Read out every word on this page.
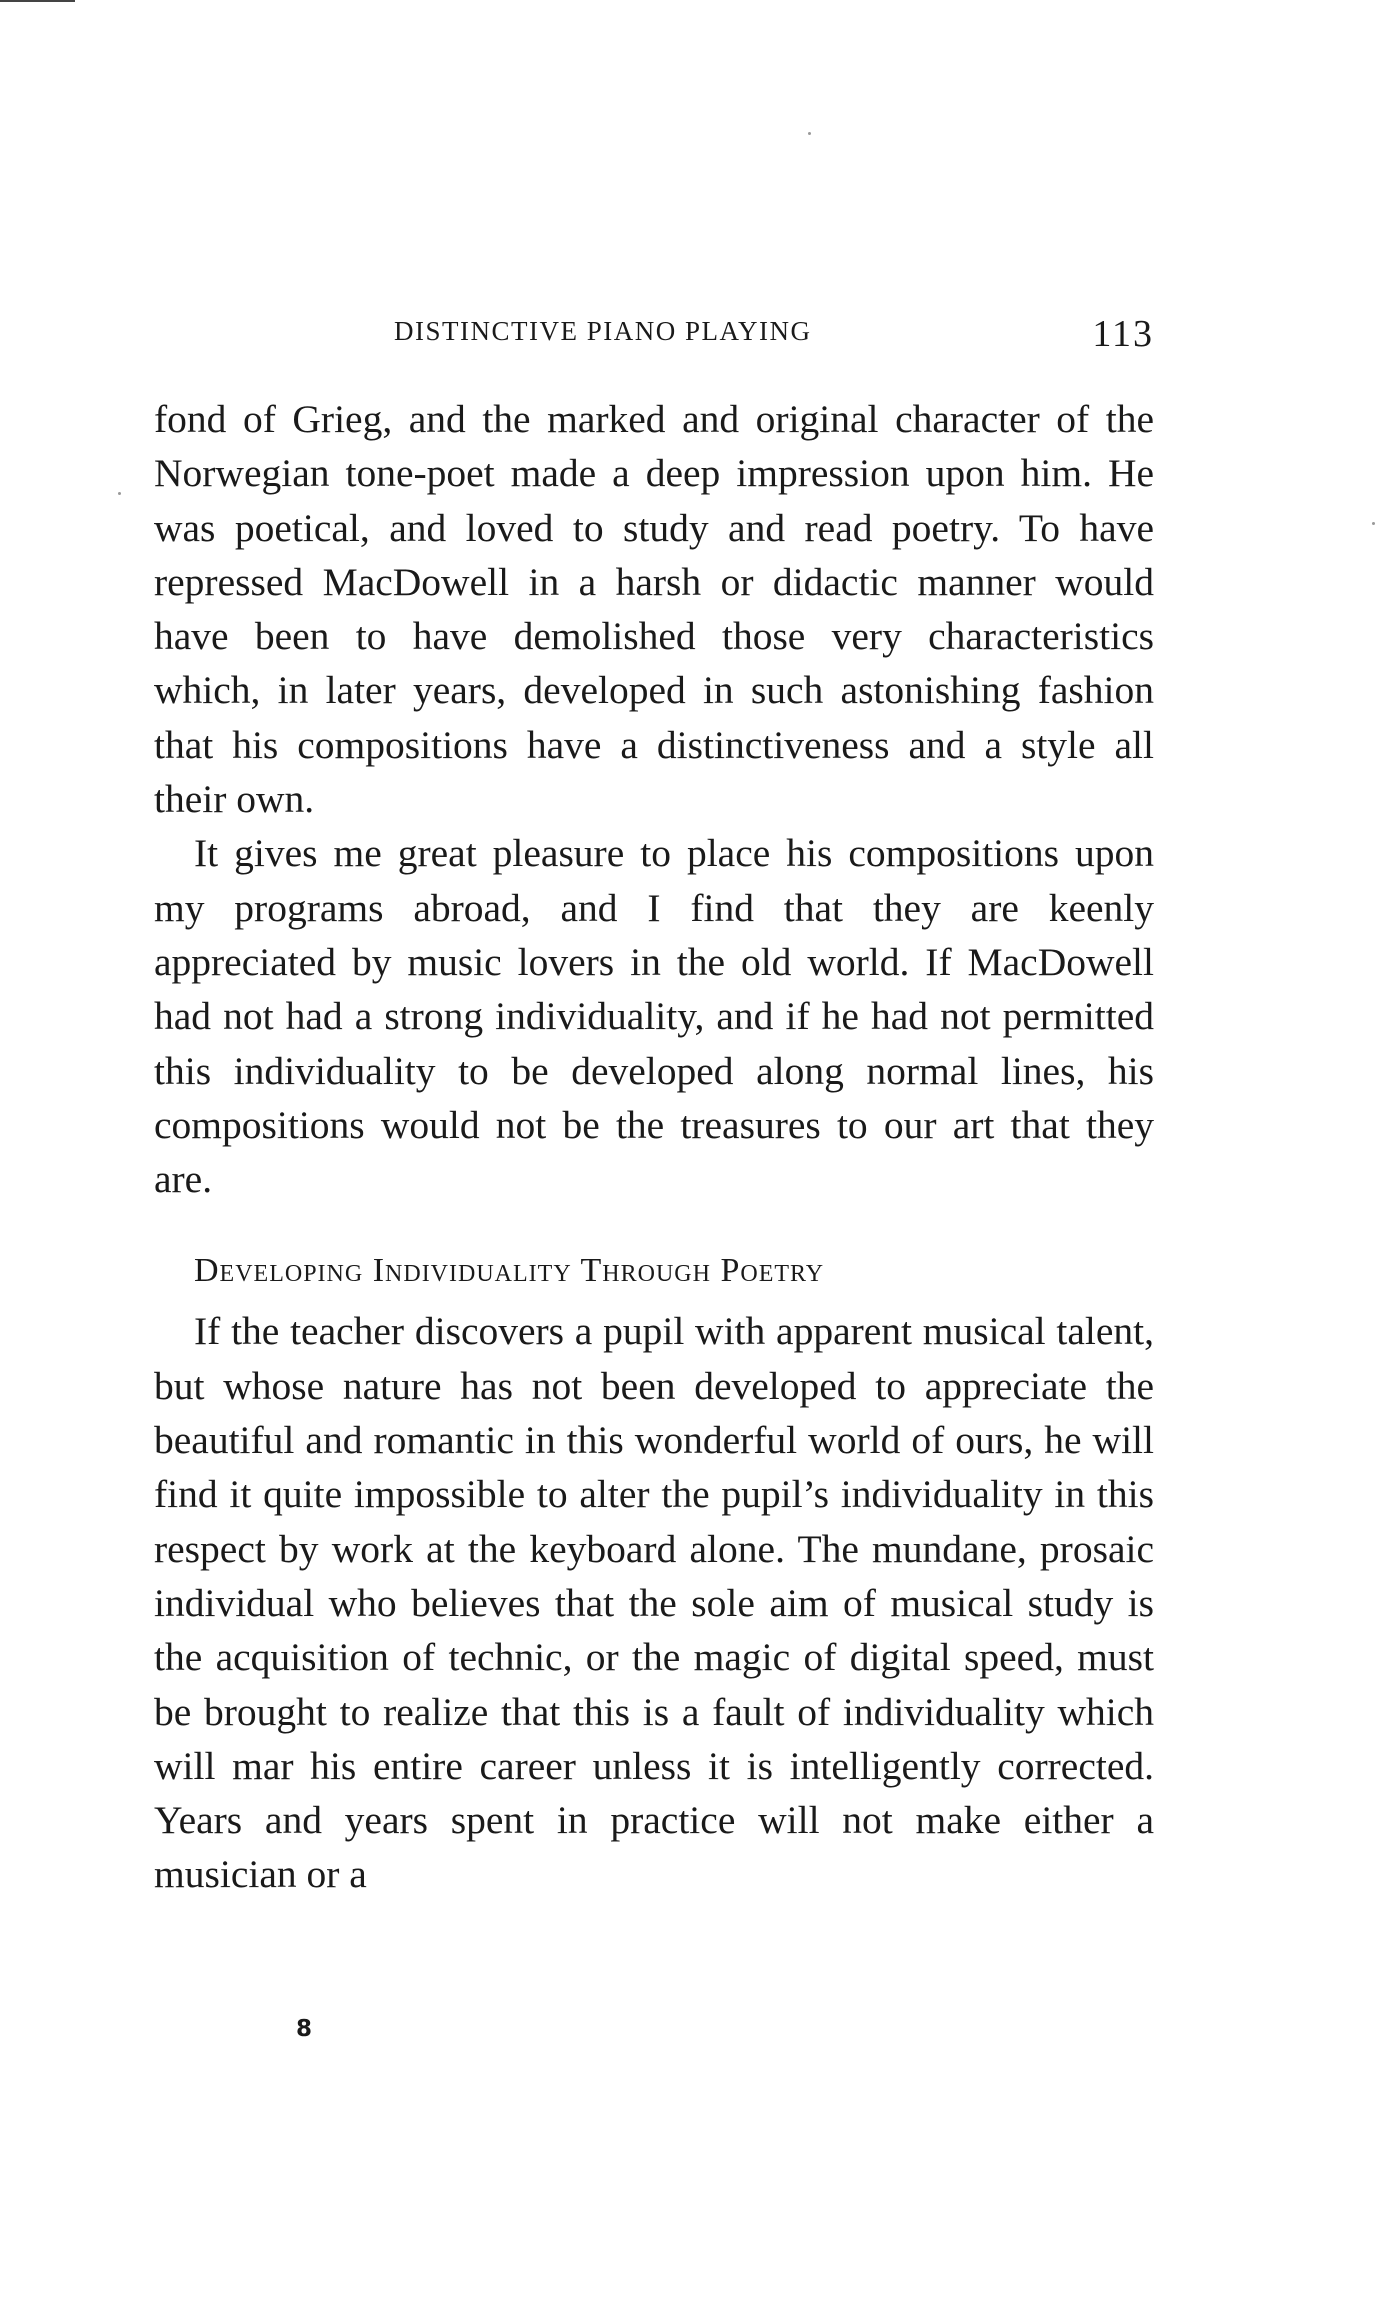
DISTINCTIVE PIANO PLAYING	113

fond of Grieg, and the marked and original character of the Norwegian tone-poet made a deep impression upon him. He was poetical, and loved to study and read poetry. To have repressed MacDowell in a harsh or didactic manner would have been to have demolished those very characteristics which, in later years, developed in such astonishing fashion that his compositions have a distinctiveness and a style all their own.

It gives me great pleasure to place his compositions upon my programs abroad, and I find that they are keenly appreciated by music lovers in the old world. If MacDowell had not had a strong individuality, and if he had not permitted this individuality to be developed along normal lines, his compositions would not be the treasures to our art that they are.

Developing Individuality Through Poetry

If the teacher discovers a pupil with apparent musical talent, but whose nature has not been developed to appreciate the beautiful and romantic in this wonderful world of ours, he will find it quite impossible to alter the pupil’s individuality in this respect by work at the keyboard alone. The mundane, prosaic individual who believes that the sole aim of musical study is the acquisition of technic, or the magic of digital speed, must be brought to realize that this is a fault of individuality which will mar his entire career unless it is intelligently corrected. Years and years spent in practice will not make either a musician or a

8
